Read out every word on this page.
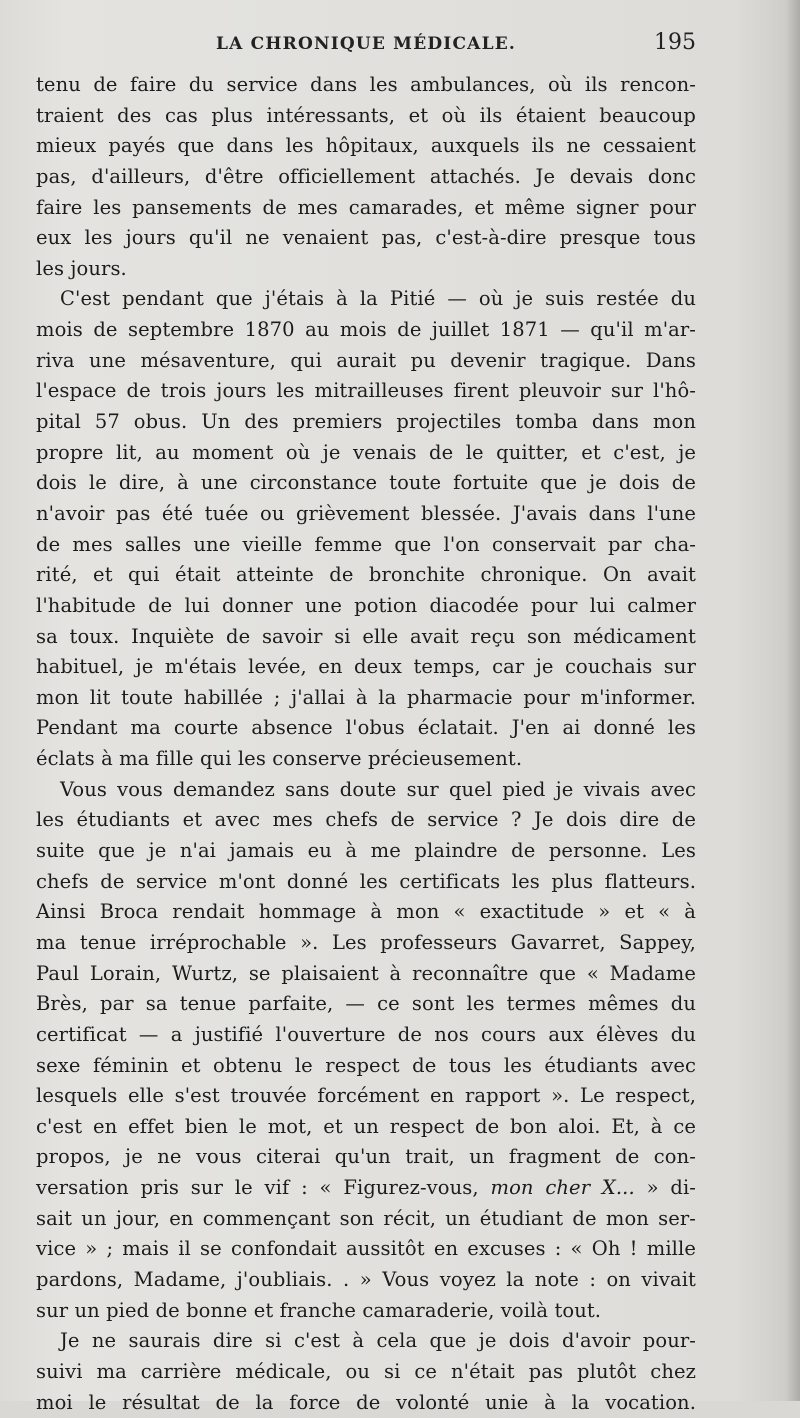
LA CHRONIQUE MÉDICALE.	195
tenu de faire du service dans les ambulances, où ils rencon-
traient des cas plus intéressants, et où ils étaient beaucoup
mieux payés que dans les hôpitaux, auxquels ils ne cessaient
pas, d'ailleurs, d'être officiellement attachés. Je devais donc
faire les pansements de mes camarades, et même signer pour
eux les jours qu'il ne venaient pas, c'est-à-dire presque tous
les jours.
C'est pendant que j'étais à la Pitié — où je suis restée du
mois de septembre 1870 au mois de juillet 1871 — qu'il m'ar-
riva une mésaventure, qui aurait pu devenir tragique. Dans
l'espace de trois jours les mitrailleuses firent pleuvoir sur l'hô-
pital 57 obus. Un des premiers projectiles tomba dans mon
propre lit, au moment où je venais de le quitter, et c'est, je
dois le dire, à une circonstance toute fortuite que je dois de
n'avoir pas été tuée ou grièvement blessée. J'avais dans l'une
de mes salles une vieille femme que l'on conservait par cha-
rité, et qui était atteinte de bronchite chronique. On avait
l'habitude de lui donner une potion diacodée pour lui calmer
sa toux. Inquiète de savoir si elle avait reçu son médicament
habituel, je m'étais levée, en deux temps, car je couchais sur
mon lit toute habillée ; j'allai à la pharmacie pour m'informer.
Pendant ma courte absence l'obus éclatait. J'en ai donné les
éclats à ma fille qui les conserve précieusement.
Vous vous demandez sans doute sur quel pied je vivais avec
les étudiants et avec mes chefs de service ? Je dois dire de
suite que je n'ai jamais eu à me plaindre de personne. Les
chefs de service m'ont donné les certificats les plus flatteurs.
Ainsi Broca rendait hommage à mon « exactitude » et « à
ma tenue irréprochable ». Les professeurs Gavarret, Sappey,
Paul Lorain, Wurtz, se plaisaient à reconnaître que « Madame
Brès, par sa tenue parfaite, — ce sont les termes mêmes du
certificat — a justifié l'ouverture de nos cours aux élèves du
sexe féminin et obtenu le respect de tous les étudiants avec
lesquels elle s'est trouvée forcément en rapport ». Le respect,
c'est en effet bien le mot, et un respect de bon aloi. Et, à ce
propos, je ne vous citerai qu'un trait, un fragment de con-
versation pris sur le vif : « Figurez-vous, mon cher X... » di-
sait un jour, en commençant son récit, un étudiant de mon ser-
vice » ; mais il se confondait aussitôt en excuses : « Oh ! mille
pardons, Madame, j'oubliais. . » Vous voyez la note : on vivait
sur un pied de bonne et franche camaraderie, voilà tout.
Je ne saurais dire si c'est à cela que je dois d'avoir pour-
suivi ma carrière médicale, ou si ce n'était pas plutôt chez
moi le résultat de la force de volonté unie à la vocation.
